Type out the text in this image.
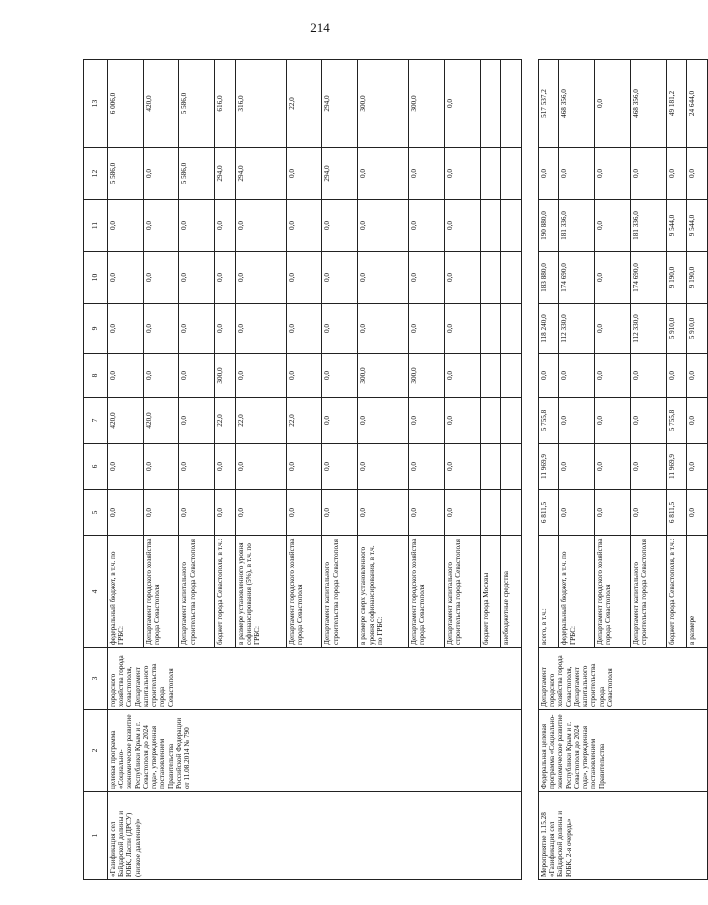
214
1	2	3	4	5	6	7	8	9	10	11	12	13
«Газификация сел Байдарской долины и ЮБК, Ласпи (ДРСУ) (низкое давление)»	целевая программа «Социально-экономическое развитие Республики Крым и г. Севастополя до 2024 года», утвержденная постановлением Правительства Российской Федерации от 11.08.2014 № 790	городского хозяйства города Севастополя, Департамент капитального строительства города Севастополя	федеральный бюджет, в т.ч. по ГРБС:	0,0	0,0	420,0	0,0	0,0	0,0	0,0	5 586,0	6 006,0
			Департамент городского хозяйства города Севастополя	0,0	0,0	420,0	0,0	0,0	0,0	0,0	0,0	420,0
			Департамент капитального строительства города Севастополя	0,0	0,0	0,0	0,0	0,0	0,0	0,0	5 586,0	5 586,0
			бюджет города Севастополя, в т.ч.:	0,0	0,0	22,0	300,0	0,0	0,0	0,0	294,0	616,0
			в размере установленного уровня софинансирования (5%), в т.ч. по ГРБС:	0,0	0,0	22,0	0,0	0,0	0,0	0,0	294,0	316,0
			Департамент городского хозяйства города Севастополя	0,0	0,0	22,0	0,0	0,0	0,0	0,0	0,0	22,0
			Департамент капитального строительства города Севастополя	0,0	0,0	0,0	0,0	0,0	0,0	0,0	294,0	294,0
			в размере сверх установленного уровня софинансирования, в т.ч. по ГРБС:	0,0	0,0	0,0	300,0	0,0	0,0	0,0	0,0	300,0
			Департамент городского хозяйства города Севастополя	0,0	0,0	0,0	300,0	0,0	0,0	0,0	0,0	300,0
			Департамент капитального строительства города Севастополя	0,0	0,0	0,0	0,0	0,0	0,0	0,0	0,0	0,0
			бюджет города Москвы									
			внебюджетные средства									

Мероприятие 1.15.28 «Газификация сел Байдарской долины и ЮБК, 2-я очередь»	Федеральная целевая программа «Социально-экономическое развитие Республики Крым и г. Севастополя до 2024 года», утвержденная постановлением Правительства	Департамент городского хозяйства города Севастополя, Департамент капитального строительства города Севастополя	всего, в т.ч.:	6 811,5	11 969,9	5 755,8	0,0	118 240,0	183 880,0	190 880,0	0,0	517 537,2
			федеральный бюджет, в т.ч. по ГРБС:	0,0	0,0	0,0	0,0	112 330,0	174 690,0	181 336,0	0,0	468 356,0
			Департамент городского хозяйства города Севастополя	0,0	0,0	0,0	0,0	0,0	0,0	0,0	0,0	0,0
			Департамент капитального строительства города Севастополя	0,0	0,0	0,0	0,0	112 330,0	174 690,0	181 336,0	0,0	468 356,0
			бюджет города Севастополя, в т.ч.:	6 811,5	11 969,9	5 755,8	0,0	5 910,0	9 190,0	9 544,0	0,0	49 181,2
			в размере	0,0	0,0	0,0	0,0	5 910,0	9 190,0	9 544,0	0,0	24 644,0
